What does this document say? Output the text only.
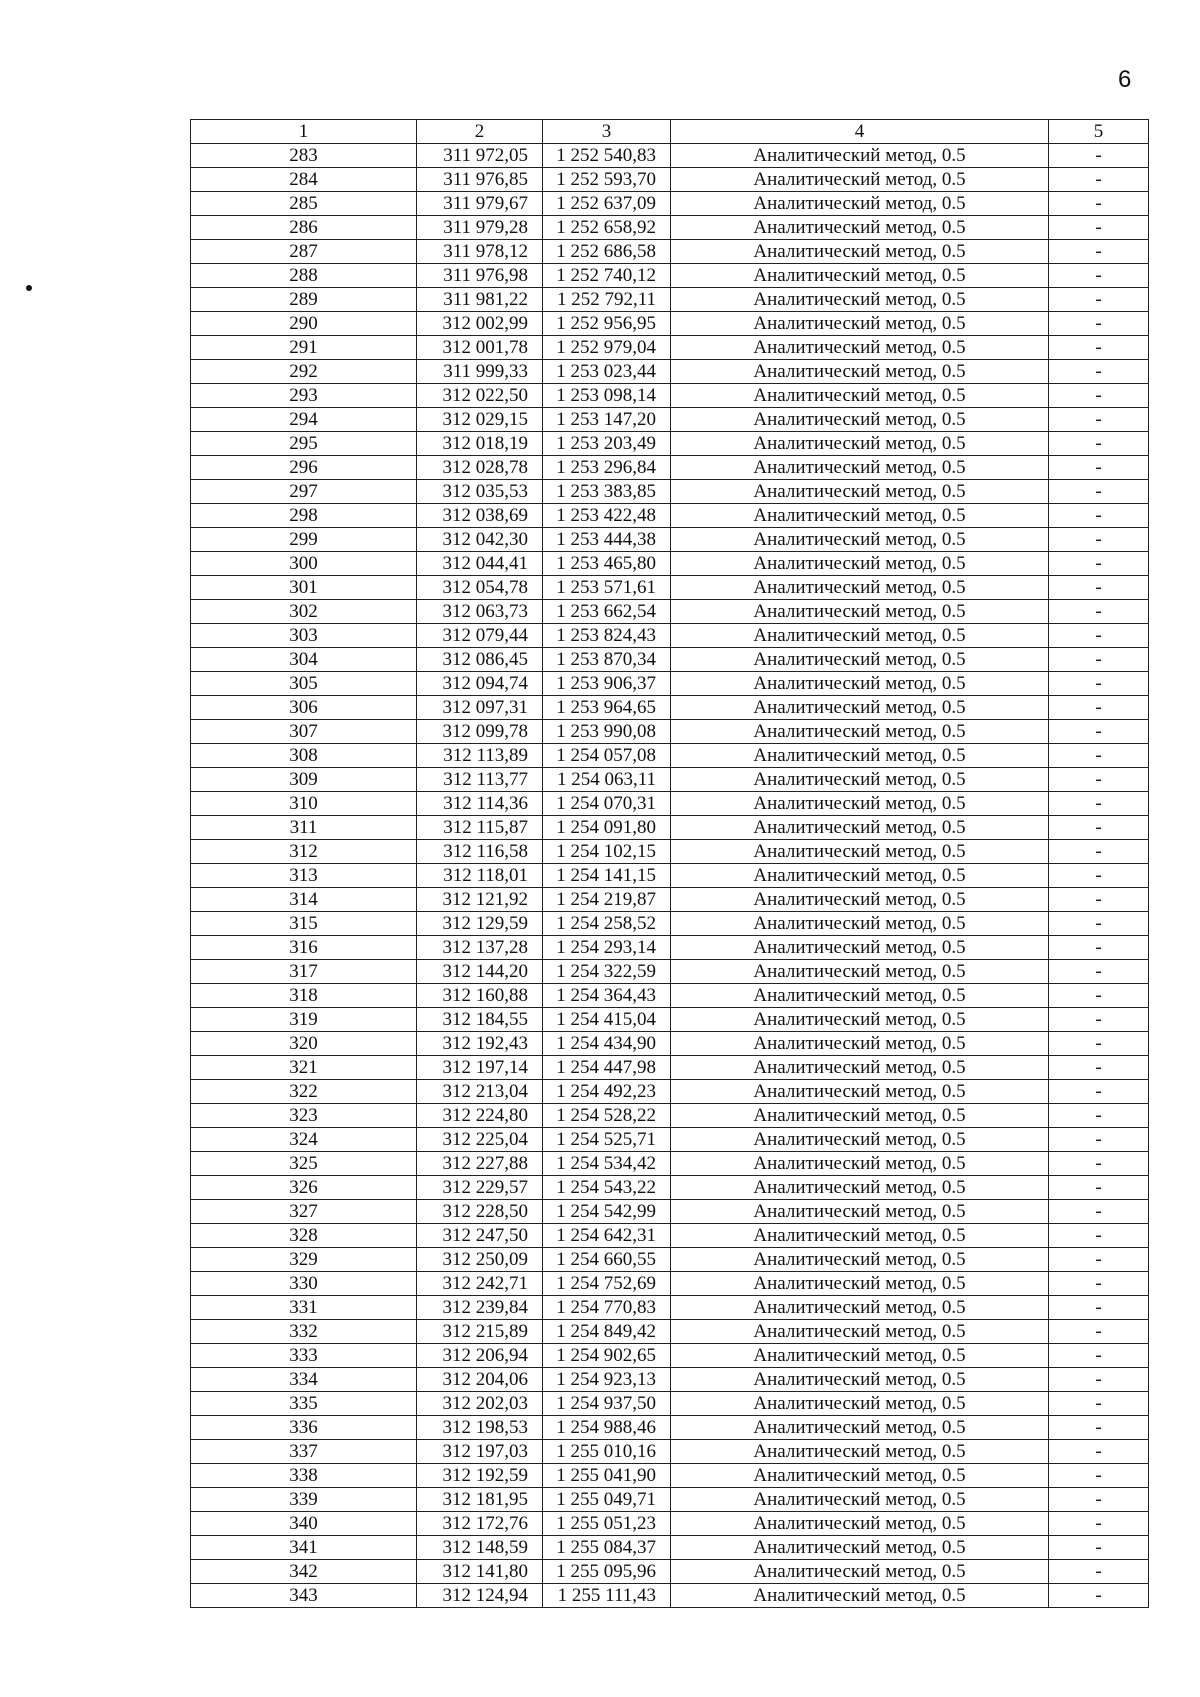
6
1	2	3	4	5
283	311 972,05	1 252 540,83	Аналитический метод, 0.5	-
284	311 976,85	1 252 593,70	Аналитический метод, 0.5	-
285	311 979,67	1 252 637,09	Аналитический метод, 0.5	-
286	311 979,28	1 252 658,92	Аналитический метод, 0.5	-
287	311 978,12	1 252 686,58	Аналитический метод, 0.5	-
288	311 976,98	1 252 740,12	Аналитический метод, 0.5	-
289	311 981,22	1 252 792,11	Аналитический метод, 0.5	-
290	312 002,99	1 252 956,95	Аналитический метод, 0.5	-
291	312 001,78	1 252 979,04	Аналитический метод, 0.5	-
292	311 999,33	1 253 023,44	Аналитический метод, 0.5	-
293	312 022,50	1 253 098,14	Аналитический метод, 0.5	-
294	312 029,15	1 253 147,20	Аналитический метод, 0.5	-
295	312 018,19	1 253 203,49	Аналитический метод, 0.5	-
296	312 028,78	1 253 296,84	Аналитический метод, 0.5	-
297	312 035,53	1 253 383,85	Аналитический метод, 0.5	-
298	312 038,69	1 253 422,48	Аналитический метод, 0.5	-
299	312 042,30	1 253 444,38	Аналитический метод, 0.5	-
300	312 044,41	1 253 465,80	Аналитический метод, 0.5	-
301	312 054,78	1 253 571,61	Аналитический метод, 0.5	-
302	312 063,73	1 253 662,54	Аналитический метод, 0.5	-
303	312 079,44	1 253 824,43	Аналитический метод, 0.5	-
304	312 086,45	1 253 870,34	Аналитический метод, 0.5	-
305	312 094,74	1 253 906,37	Аналитический метод, 0.5	-
306	312 097,31	1 253 964,65	Аналитический метод, 0.5	-
307	312 099,78	1 253 990,08	Аналитический метод, 0.5	-
308	312 113,89	1 254 057,08	Аналитический метод, 0.5	-
309	312 113,77	1 254 063,11	Аналитический метод, 0.5	-
310	312 114,36	1 254 070,31	Аналитический метод, 0.5	-
311	312 115,87	1 254 091,80	Аналитический метод, 0.5	-
312	312 116,58	1 254 102,15	Аналитический метод, 0.5	-
313	312 118,01	1 254 141,15	Аналитический метод, 0.5	-
314	312 121,92	1 254 219,87	Аналитический метод, 0.5	-
315	312 129,59	1 254 258,52	Аналитический метод, 0.5	-
316	312 137,28	1 254 293,14	Аналитический метод, 0.5	-
317	312 144,20	1 254 322,59	Аналитический метод, 0.5	-
318	312 160,88	1 254 364,43	Аналитический метод, 0.5	-
319	312 184,55	1 254 415,04	Аналитический метод, 0.5	-
320	312 192,43	1 254 434,90	Аналитический метод, 0.5	-
321	312 197,14	1 254 447,98	Аналитический метод, 0.5	-
322	312 213,04	1 254 492,23	Аналитический метод, 0.5	-
323	312 224,80	1 254 528,22	Аналитический метод, 0.5	-
324	312 225,04	1 254 525,71	Аналитический метод, 0.5	-
325	312 227,88	1 254 534,42	Аналитический метод, 0.5	-
326	312 229,57	1 254 543,22	Аналитический метод, 0.5	-
327	312 228,50	1 254 542,99	Аналитический метод, 0.5	-
328	312 247,50	1 254 642,31	Аналитический метод, 0.5	-
329	312 250,09	1 254 660,55	Аналитический метод, 0.5	-
330	312 242,71	1 254 752,69	Аналитический метод, 0.5	-
331	312 239,84	1 254 770,83	Аналитический метод, 0.5	-
332	312 215,89	1 254 849,42	Аналитический метод, 0.5	-
333	312 206,94	1 254 902,65	Аналитический метод, 0.5	-
334	312 204,06	1 254 923,13	Аналитический метод, 0.5	-
335	312 202,03	1 254 937,50	Аналитический метод, 0.5	-
336	312 198,53	1 254 988,46	Аналитический метод, 0.5	-
337	312 197,03	1 255 010,16	Аналитический метод, 0.5	-
338	312 192,59	1 255 041,90	Аналитический метод, 0.5	-
339	312 181,95	1 255 049,71	Аналитический метод, 0.5	-
340	312 172,76	1 255 051,23	Аналитический метод, 0.5	-
341	312 148,59	1 255 084,37	Аналитический метод, 0.5	-
342	312 141,80	1 255 095,96	Аналитический метод, 0.5	-
343	312 124,94	1 255 111,43	Аналитический метод, 0.5	-
